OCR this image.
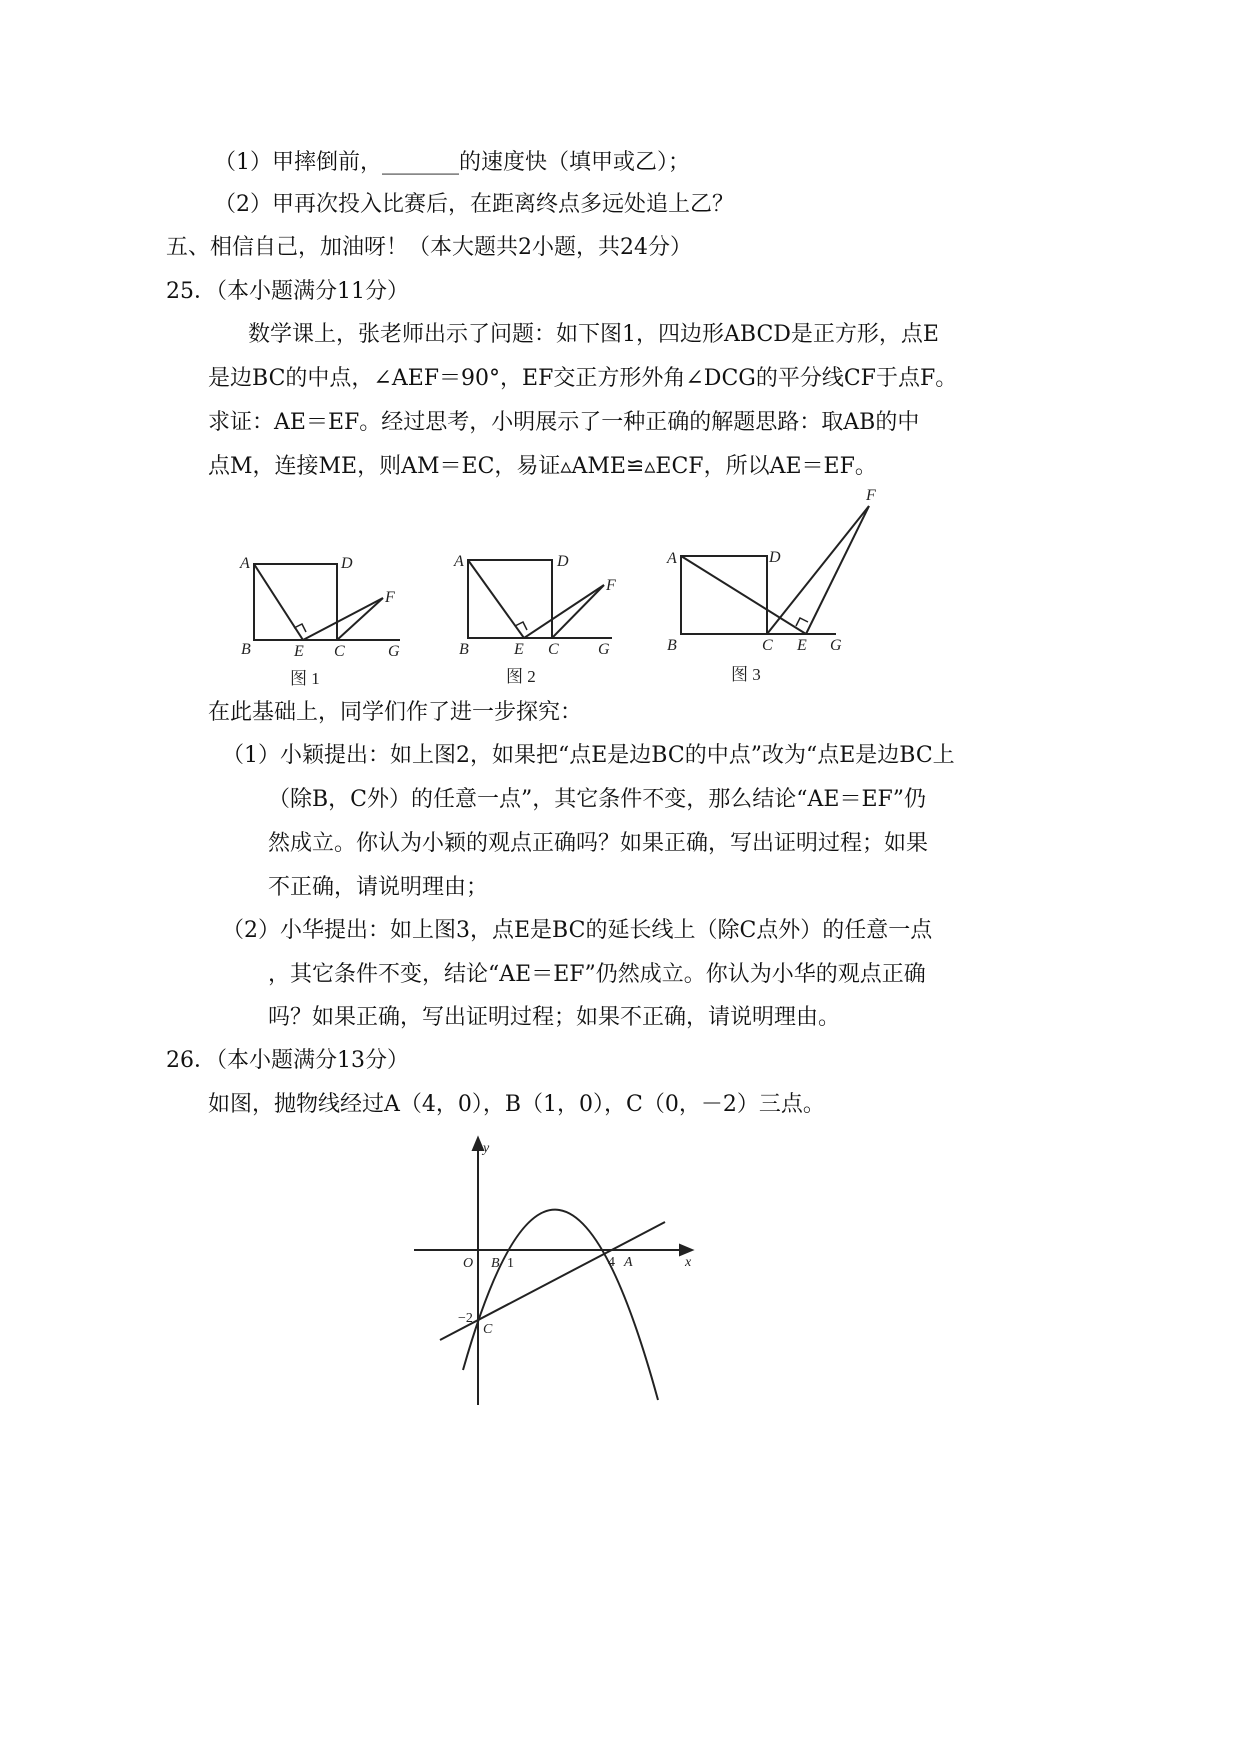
（1）甲摔倒前，_______的速度快（填甲或乙）；
（2）甲再次投入比赛后，在距离终点多远处追上乙？
五、相信自己，加油呀！（本大题共2小题，共24分）
25．（本小题满分11分）
数学课上，张老师出示了问题：如下图1，四边形ABCD是正方形，点E
是边BC的中点，∠AEF＝90°，EF交正方形外角∠DCG的平分线CF于点F。
求证：AE＝EF。经过思考，小明展示了一种正确的解题思路：取AB的中
点M，连接ME，则AM＝EC，易证▵AME≌▵ECF，所以AE＝EF。
A	D
F
B	E C	G
图 1
A	D
F
B	E C G
图 2
A	D
F
B	C E G
图 3
在此基础上，同学们作了进一步探究：
（1）小颖提出：如上图2，如果把“点E是边BC的中点”改为“点E是边BC上
（除B，C外）的任意一点”，其它条件不变，那么结论“AE＝EF”仍
然成立。你认为小颖的观点正确吗？如果正确，写出证明过程；如果
不正确，请说明理由；
（2）小华提出：如上图3，点E是BC的延长线上（除C点外）的任意一点
，其它条件不变，结论“AE＝EF”仍然成立。你认为小华的观点正确
吗？如果正确，写出证明过程；如果不正确，请说明理由。
26．（本小题满分13分）
如图，抛物线经过A（4，0），B（1，0），C（0，－2）三点。
y
x
O B 1	4 A
−2
C
